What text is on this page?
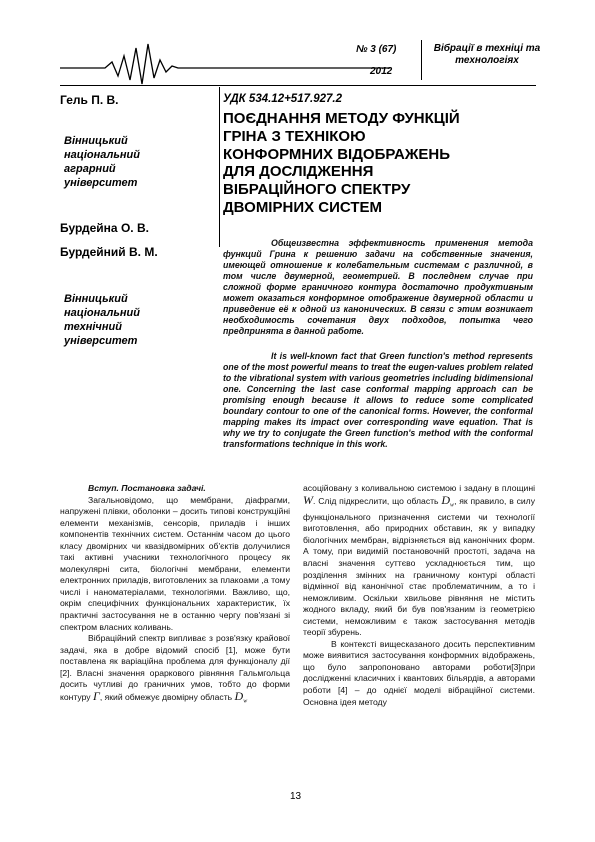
№ 3 (67)
2012
Вібрації в техніці та технологіях
Гель П. В.
Вінницький
національний
аграрний
університет
Бурдейна О. В.
Бурдейний В. М.
Вінницький
національний
технічний
університет
УДК 534.12+517.927.2
ПОЄДНАННЯ МЕТОДУ ФУНКЦІЙ
ГРІНА З ТЕХНІКОЮ
КОНФОРМНИХ ВІДОБРАЖЕНЬ
ДЛЯ ДОСЛІДЖЕННЯ
ВІБРАЦІЙНОГО СПЕКТРУ
ДВОМІРНИХ СИСТЕМ
Общеизвестна эффективность применения метода функций Грина к решению задачи на собственные значения, имеющей отношение к колебательным системам с различной, в том числе двумерной, геометрией. В последнем случае при сложной форме граничного контура достаточно продуктивным может оказаться конформное отображение двумерной области и приведение её к одной из канонических. В связи с этим возникает необходимость сочетания двух подходов, попытка чего предпринята в данной работе.
It is well-known fact that Green function's method represents one of the most powerful means to treat the eugen-values problem related to the vibrational system with various geometries including bidimensional one. Concerning the last case conformal mapping approach can be promising enough because it allows to reduce some complicated boundary contour to one of the canonical forms. However, the conformal mapping makes its impact over corresponding wave equation. That is why we try to conjugate the Green function's method with the conformal transformations technique in this work.

Вступ. Постановка задачі.

Загальновідомо, що мембрани, діафрагми, напружені плівки, оболонки – досить типові конструкційні елементи механізмів, сенсорів, приладів і інших компонентів технічних систем. Останнім часом до цього класу двомірних чи квазідвомірних об'єктів долучилися такі активні учасники технологічного процесу як молекулярні сита, біологічні мембрани, елементи електронних приладів, виготовлених за плакоами ,а тому числі і наноматеріалами, технологіями. Важливо, що, окрім специфічних функціональних характеристик, їх практичні застосування не в останню чергу пов'язані зі спектром власних коливань.

Вібраційний спектр випливає з розв'язку крайової задачі, яка в добре відомий спосіб [1], може бути поставлена як варіаційна проблема для функціоналу дії [2]. Власні значення ораркового рівняння Гальмгольца досить чутливі до граничних умов, тобто до форми контуру Γ, який обмежує двомірну область $D_w$

асоційовану з коливальною системою і задану в площині W. Слід підкреслити, що область $D_w$, як правило, в силу функціонального призначення системи чи технології виготовлення, або природних обставин, як у випадку біологічних мембран, відрізняється від канонічних форм. А тому, при видимій постановочній простоті, задача на власні значення суттєво ускладнюється тим, що розділення змінних на граничному контурі області відмінної від канонічної стає проблематичним, а то і неможливим. Оскільки хвильове рівняння не містить жодного вкладу, який би був пов'язаним із геометрією системи, неможливим є також застосування методів теорії збурень.

В контексті вищесказаного досить перспективним може виявитися застосування конформних відображень, що було запропоновано авторами роботи[3]при дослідженні класичних і квантових більярдів, а авторами роботи [4] – до однієї моделі вібраційної системи. Основна ідея методу

13
